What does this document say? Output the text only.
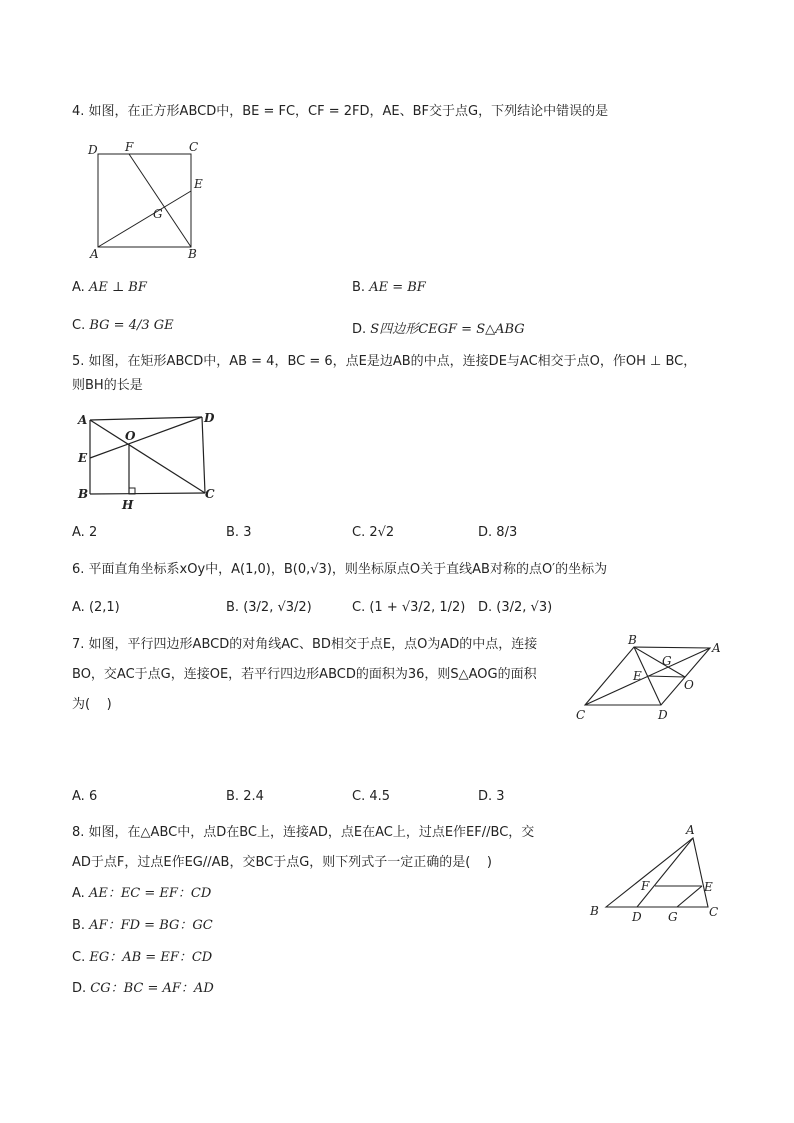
4. 如图，在正方形ABCD中，BE = FC，CF = 2FD，AE、BF交于点G，下列结论中错误的是
D F	C
E
G
A	B
A. AE ⊥ BF	B. AE = BF
C. BG = 4/3 GE	D. S四边形CEGF = S△ABG
5. 如图，在矩形ABCD中，AB = 4，BC = 6，点E是边AB的中点，连接DE与AC相交于点O，作OH ⊥ BC，
则BH的长是
A	D
O
E
B
H
C
A. 2	B. 3	C. 2√2	D. 8/3
6. 平面直角坐标系xOy中，A(1,0)，B(0,√3)，则坐标原点O关于直线AB对称的点O′的坐标为
A. (2,1)	B. (3/2, √3/2)	C. (1 + √3/2, 1/2) D. (3/2, √3)
7. 如图，平行四边形ABCD的对角线AC、BD相交于点E，点O为AD的中点，连接
BO，交AC于点G，连接OE，若平行四边形ABCD的面积为36，则S△AOG的面积
为(    )
B
G
A
E
O
C	D
A. 6	B. 2.4	C. 4.5	D. 3
8. 如图，在△ABC中，点D在BC上，连接AD，点E在AC上，过点E作EF//BC，交
AD于点F，过点E作EG//AB，交BC于点G，则下列式子一定正确的是(    )
A. AE：EC = EF：CD
B. AF：FD = BG：GC
C. EG：AB = EF：CD
D. CG：BC = AF：AD
A
F	E
B	D G	C
